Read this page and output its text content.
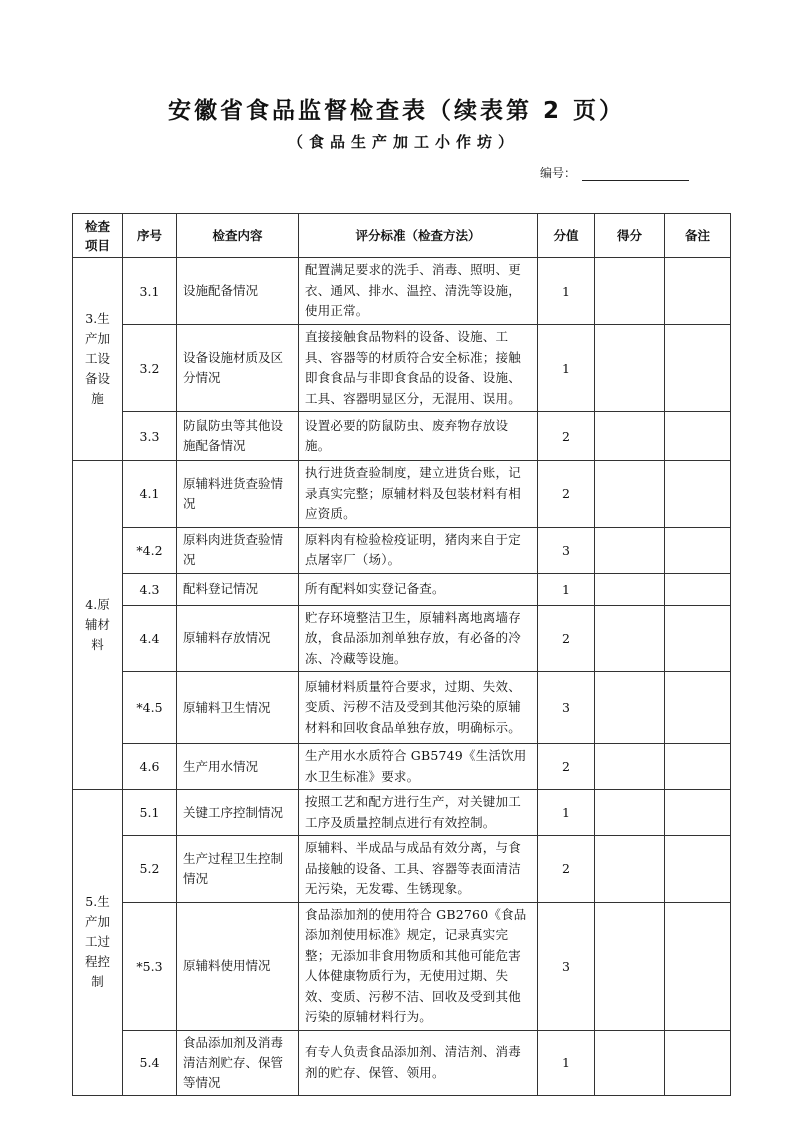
安徽省食品监督检查表（续表第 2 页）
（食品生产加工小作坊）
编号：
检查项目	序号	检查内容	评分标准（检查方法）	分值	得分	备注

3.生产加工设备设施	3.1	设施配备情况	配置满足要求的洗手、消毒、照明、更衣、通风、排水、温控、清洗等设施，使用正常。	1		
	3.2	设备设施材质及区分情况	直接接触食品物料的设备、设施、工具、容器等的材质符合安全标准；接触即食食品与非即食食品的设备、设施、工具、容器明显区分，无混用、误用。	1		
	3.3	防鼠防虫等其他设施配备情况	设置必要的防鼠防虫、废弃物存放设施。	2		

4.原辅材料	4.1	原辅料进货查验情况	执行进货查验制度，建立进货台账，记录真实完整；原辅材料及包装材料有相应资质。	2		
	*4.2	原料肉进货查验情况	原料肉有检验检疫证明，猪肉来自于定点屠宰厂（场）。	3		
	4.3	配料登记情况	所有配料如实登记备查。	1		
	4.4	原辅料存放情况	贮存环境整洁卫生，原辅料离地离墙存放，食品添加剂单独存放，有必备的冷冻、冷藏等设施。	2		
	*4.5	原辅料卫生情况	原辅材料质量符合要求，过期、失效、变质、污秽不洁及受到其他污染的原辅材料和回收食品单独存放，明确标示。	3		
	4.6	生产用水情况	生产用水水质符合 GB5749《生活饮用水卫生标准》要求。	2		

5.生产加工过程控制	5.1	关键工序控制情况	按照工艺和配方进行生产，对关键加工工序及质量控制点进行有效控制。	1		
	5.2	生产过程卫生控制情况	原辅料、半成品与成品有效分离，与食品接触的设备、工具、容器等表面清洁无污染，无发霉、生锈现象。	2		
	*5.3	原辅料使用情况	食品添加剂的使用符合 GB2760《食品添加剂使用标准》规定，记录真实完整；无添加非食用物质和其他可能危害人体健康物质行为，无使用过期、失效、变质、污秽不洁、回收及受到其他污染的原辅材料行为。	3		
	5.4	食品添加剂及消毒清洁剂贮存、保管等情况	有专人负责食品添加剂、清洁剂、消毒剂的贮存、保管、领用。	1		
